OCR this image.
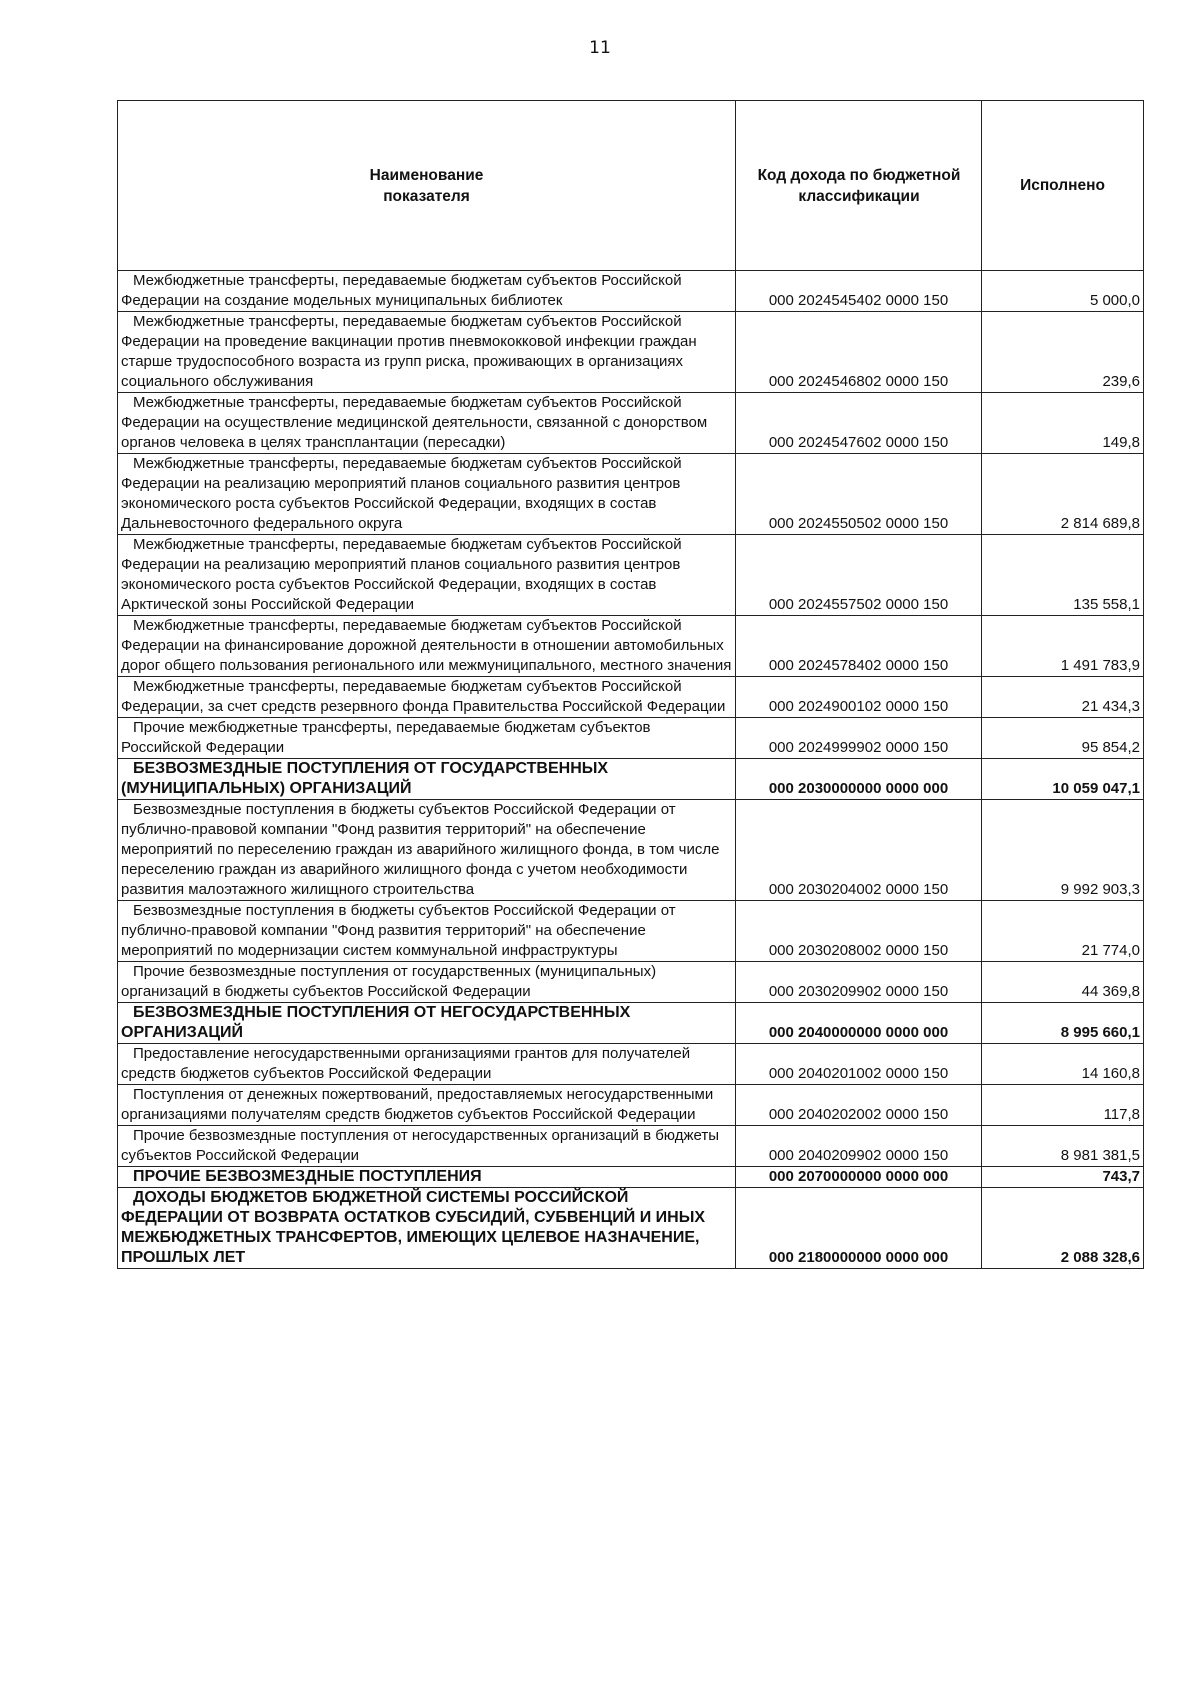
11
Наименование показателя	Код дохода по бюджетной классификации	Исполнено
Межбюджетные трансферты, передаваемые бюджетам субъектов Российской Федерации на создание модельных муниципальных библиотек	000 2024545402 0000 150	5 000,0
Межбюджетные трансферты, передаваемые бюджетам субъектов Российской Федерации на проведение вакцинации против пневмококковой инфекции граждан старше трудоспособного возраста из групп риска, проживающих в организациях социального обслуживания	000 2024546802 0000 150	239,6
Межбюджетные трансферты, передаваемые бюджетам субъектов Российской Федерации на осуществление медицинской деятельности, связанной с донорством органов человека в целях трансплантации (пересадки)	000 2024547602 0000 150	149,8
Межбюджетные трансферты, передаваемые бюджетам субъектов Российской Федерации на реализацию мероприятий планов социального развития центров экономического роста субъектов Российской Федерации, входящих в состав Дальневосточного федерального округа	000 2024550502 0000 150	2 814 689,8
Межбюджетные трансферты, передаваемые бюджетам субъектов Российской Федерации на реализацию мероприятий планов социального развития центров экономического роста субъектов Российской Федерации, входящих в состав Арктической зоны Российской Федерации	000 2024557502 0000 150	135 558,1
Межбюджетные трансферты, передаваемые бюджетам субъектов Российской Федерации на финансирование дорожной деятельности в отношении автомобильных дорог общего пользования регионального или межмуниципального, местного значения	000 2024578402 0000 150	1 491 783,9
Межбюджетные трансферты, передаваемые бюджетам субъектов Российской Федерации, за счет средств резервного фонда Правительства Российской Федерации	000 2024900102 0000 150	21 434,3
Прочие межбюджетные трансферты, передаваемые бюджетам субъектов Российской Федерации	000 2024999902 0000 150	95 854,2
БЕЗВОЗМЕЗДНЫЕ ПОСТУПЛЕНИЯ ОТ ГОСУДАРСТВЕННЫХ (МУНИЦИПАЛЬНЫХ) ОРГАНИЗАЦИЙ	000 2030000000 0000 000	10 059 047,1
Безвозмездные поступления в бюджеты субъектов Российской Федерации от публично-правовой компании "Фонд развития территорий" на обеспечение мероприятий по переселению граждан из аварийного жилищного фонда, в том числе переселению граждан из аварийного жилищного фонда с учетом необходимости развития малоэтажного жилищного строительства	000 2030204002 0000 150	9 992 903,3
Безвозмездные поступления в бюджеты субъектов Российской Федерации от публично-правовой компании "Фонд развития территорий" на обеспечение мероприятий по модернизации систем коммунальной инфраструктуры	000 2030208002 0000 150	21 774,0
Прочие безвозмездные поступления от государственных (муниципальных) организаций в бюджеты субъектов Российской Федерации	000 2030209902 0000 150	44 369,8
БЕЗВОЗМЕЗДНЫЕ ПОСТУПЛЕНИЯ ОТ НЕГОСУДАРСТВЕННЫХ ОРГАНИЗАЦИЙ	000 2040000000 0000 000	8 995 660,1
Предоставление негосударственными организациями грантов для получателей средств бюджетов субъектов Российской Федерации	000 2040201002 0000 150	14 160,8
Поступления от денежных пожертвований, предоставляемых негосударственными организациями получателям средств бюджетов субъектов Российской Федерации	000 2040202002 0000 150	117,8
Прочие безвозмездные поступления от негосударственных организаций в бюджеты субъектов Российской Федерации	000 2040209902 0000 150	8 981 381,5
ПРОЧИЕ БЕЗВОЗМЕЗДНЫЕ ПОСТУПЛЕНИЯ	000 2070000000 0000 000	743,7
ДОХОДЫ БЮДЖЕТОВ БЮДЖЕТНОЙ СИСТЕМЫ РОССИЙСКОЙ ФЕДЕРАЦИИ ОТ ВОЗВРАТА ОСТАТКОВ СУБСИДИЙ, СУБВЕНЦИЙ И ИНЫХ МЕЖБЮДЖЕТНЫХ ТРАНСФЕРТОВ, ИМЕЮЩИХ ЦЕЛЕВОЕ НАЗНАЧЕНИЕ, ПРОШЛЫХ ЛЕТ	000 2180000000 0000 000	2 088 328,6
